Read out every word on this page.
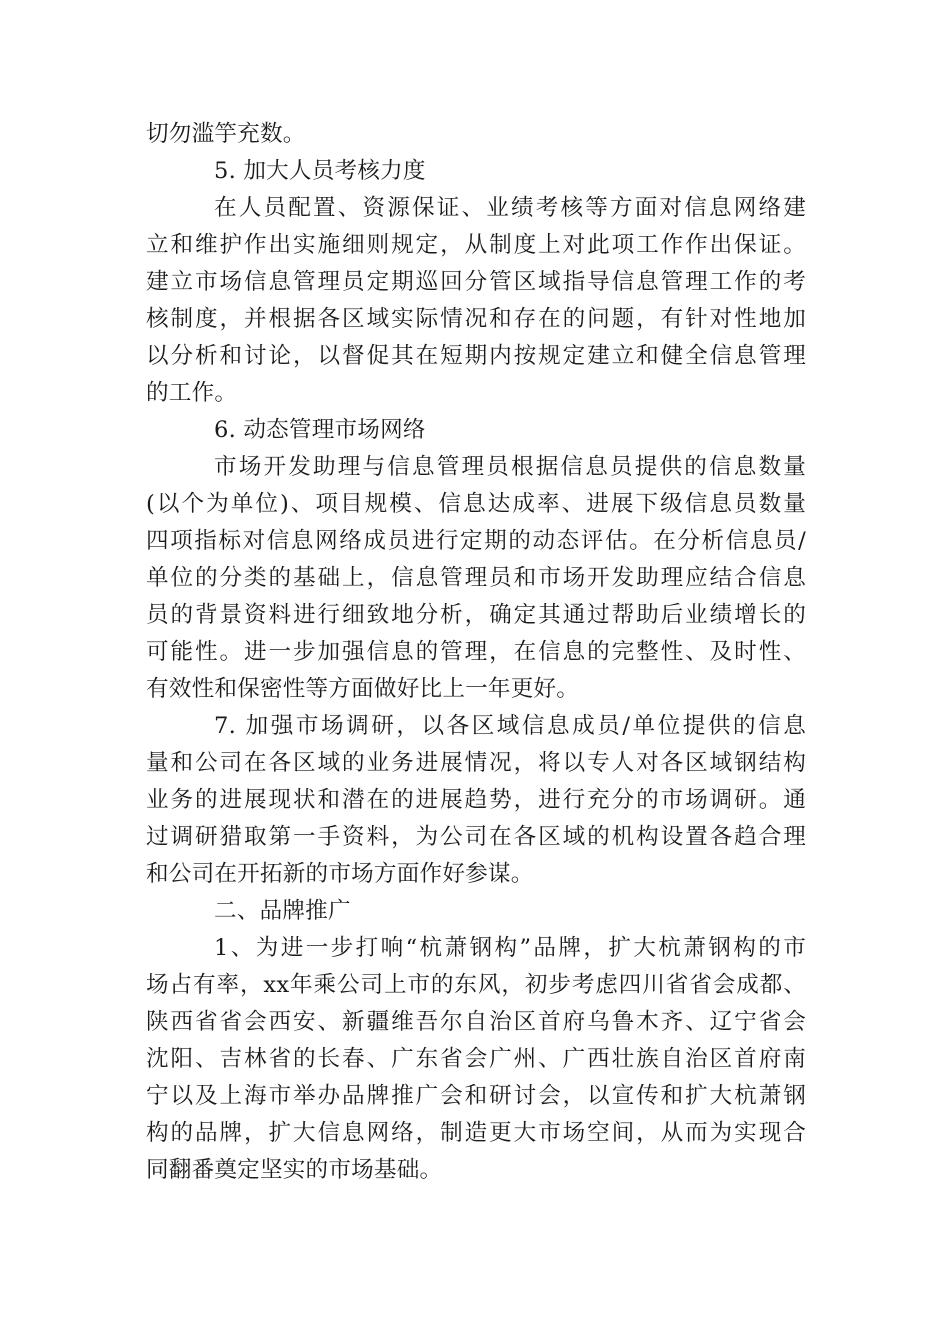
切勿滥竽充数。
5. 加大人员考核力度
在人员配置、资源保证、业绩考核等方面对信息网络建
立和维护作出实施细则规定，从制度上对此项工作作出保证。
建立市场信息管理员定期巡回分管区域指导信息管理工作的考
核制度，并根据各区域实际情况和存在的问题，有针对性地加
以分析和讨论，以督促其在短期内按规定建立和健全信息管理
的工作。
6. 动态管理市场网络
市场开发助理与信息管理员根据信息员提供的信息数量
(以个为单位)、项目规模、信息达成率、进展下级信息员数量
四项指标对信息网络成员进行定期的动态评估。在分析信息员/
单位的分类的基础上，信息管理员和市场开发助理应结合信息
员的背景资料进行细致地分析，确定其通过帮助后业绩增长的
可能性。进一步加强信息的管理，在信息的完整性、及时性、
有效性和保密性等方面做好比上一年更好。
7. 加强市场调研，以各区域信息成员/单位提供的信息
量和公司在各区域的业务进展情况，将以专人对各区域钢结构
业务的进展现状和潜在的进展趋势，进行充分的市场调研。通
过调研猎取第一手资料，为公司在各区域的机构设置各趋合理
和公司在开拓新的市场方面作好参谋。
二、品牌推广
1、为进一步打响“杭萧钢构”品牌，扩大杭萧钢构的市
场占有率，xx年乘公司上市的东风，初步考虑四川省省会成都、
陕西省省会西安、新疆维吾尔自治区首府乌鲁木齐、辽宁省会
沈阳、吉林省的长春、广东省会广州、广西壮族自治区首府南
宁以及上海市举办品牌推广会和研讨会，以宣传和扩大杭萧钢
构的品牌，扩大信息网络，制造更大市场空间，从而为实现合
同翻番奠定坚实的市场基础。
